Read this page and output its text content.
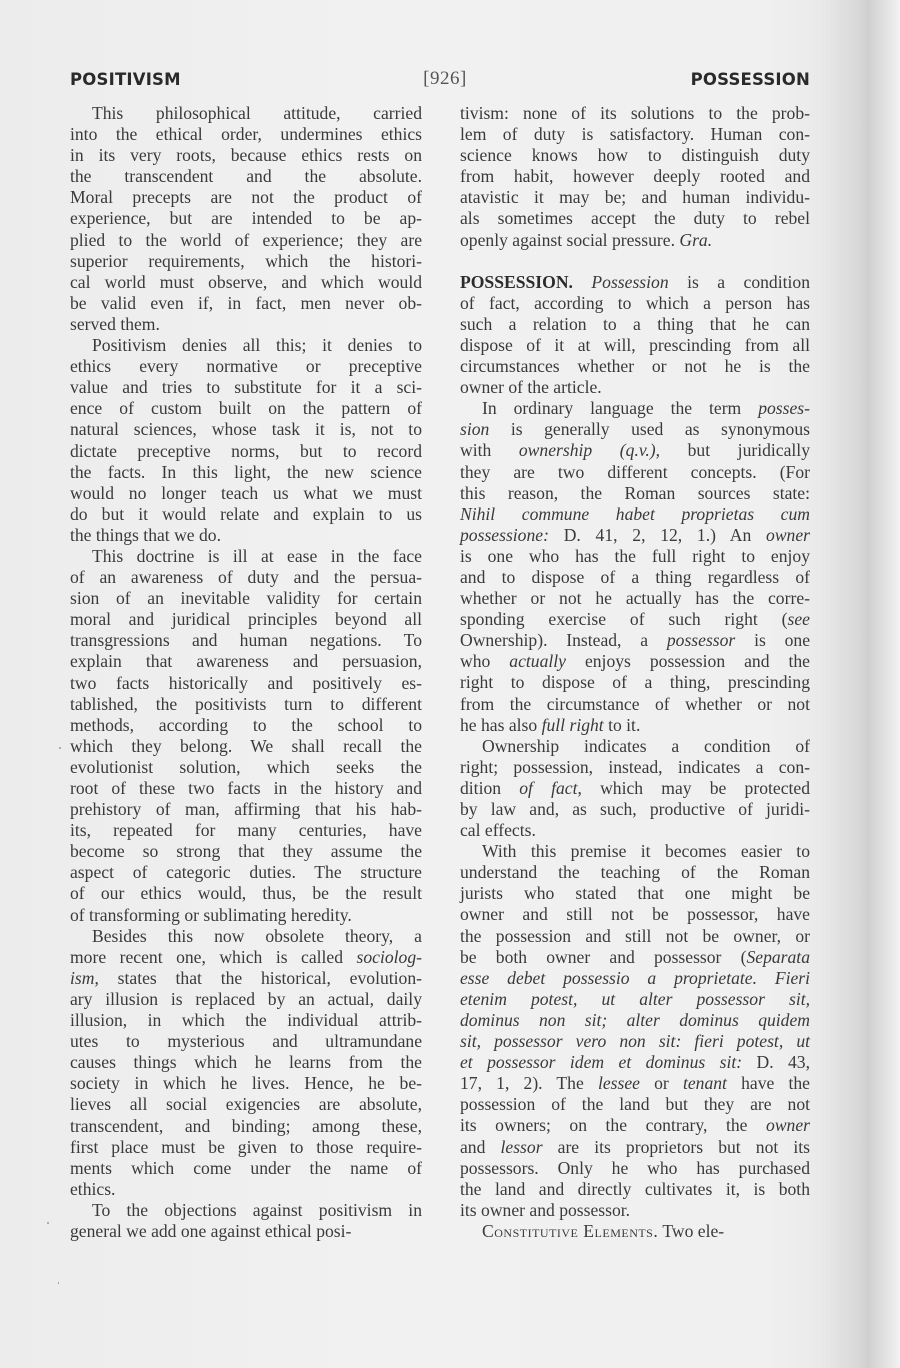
POSITIVISM	[926]	POSSESSION
This philosophical attitude, carried
into the ethical order, undermines ethics
in its very roots, because ethics rests on
the transcendent and the absolute.
Moral precepts are not the product of
experience, but are intended to be ap-
plied to the world of experience; they are
superior requirements, which the histori-
cal world must observe, and which would
be valid even if, in fact, men never ob-
served them.
Positivism denies all this; it denies to
ethics every normative or preceptive
value and tries to substitute for it a sci-
ence of custom built on the pattern of
natural sciences, whose task it is, not to
dictate preceptive norms, but to record
the facts. In this light, the new science
would no longer teach us what we must
do but it would relate and explain to us
the things that we do.
This doctrine is ill at ease in the face
of an awareness of duty and the persua-
sion of an inevitable validity for certain
moral and juridical principles beyond all
transgressions and human negations. To
explain that awareness and persuasion,
two facts historically and positively es-
tablished, the positivists turn to different
methods, according to the school to
which they belong. We shall recall the
evolutionist solution, which seeks the
root of these two facts in the history and
prehistory of man, affirming that his hab-
its, repeated for many centuries, have
become so strong that they assume the
aspect of categoric duties. The structure
of our ethics would, thus, be the result
of transforming or sublimating heredity.
Besides this now obsolete theory, a
more recent one, which is called sociolog-
ism, states that the historical, evolution-
ary illusion is replaced by an actual, daily
illusion, in which the individual attrib-
utes to mysterious and ultramundane
causes things which he learns from the
society in which he lives. Hence, he be-
lieves all social exigencies are absolute,
transcendent, and binding; among these,
first place must be given to those require-
ments which come under the name of
ethics.
To the objections against positivism in
general we add one against ethical posi-
tivism: none of its solutions to the prob-
lem of duty is satisfactory. Human con-
science knows how to distinguish duty
from habit, however deeply rooted and
atavistic it may be; and human individu-
als sometimes accept the duty to rebel
openly against social pressure. Gra.
POSSESSION. Possession is a condition
of fact, according to which a person has
such a relation to a thing that he can
dispose of it at will, prescinding from all
circumstances whether or not he is the
owner of the article.
In ordinary language the term posses-
sion is generally used as synonymous
with ownership (q.v.), but juridically
they are two different concepts. (For
this reason, the Roman sources state:
Nihil commune habet proprietas cum
possessione: D. 41, 2, 12, 1.) An owner
is one who has the full right to enjoy
and to dispose of a thing regardless of
whether or not he actually has the corre-
sponding exercise of such right (see
Ownership). Instead, a possessor is one
who actually enjoys possession and the
right to dispose of a thing, prescinding
from the circumstance of whether or not
he has also full right to it.
Ownership indicates a condition of
right; possession, instead, indicates a con-
dition of fact, which may be protected
by law and, as such, productive of juridi-
cal effects.
With this premise it becomes easier to
understand the teaching of the Roman
jurists who stated that one might be
owner and still not be possessor, have
the possession and still not be owner, or
be both owner and possessor (Separata
esse debet possessio a proprietate. Fieri
etenim potest, ut alter possessor sit,
dominus non sit; alter dominus quidem
sit, possessor vero non sit: fieri potest, ut
et possessor idem et dominus sit: D. 43,
17, 1, 2). The lessee or tenant have the
possession of the land but they are not
its owners; on the contrary, the owner
and lessor are its proprietors but not its
possessors. Only he who has purchased
the land and directly cultivates it, is both
its owner and possessor.
Constitutive Elements. Two ele-
